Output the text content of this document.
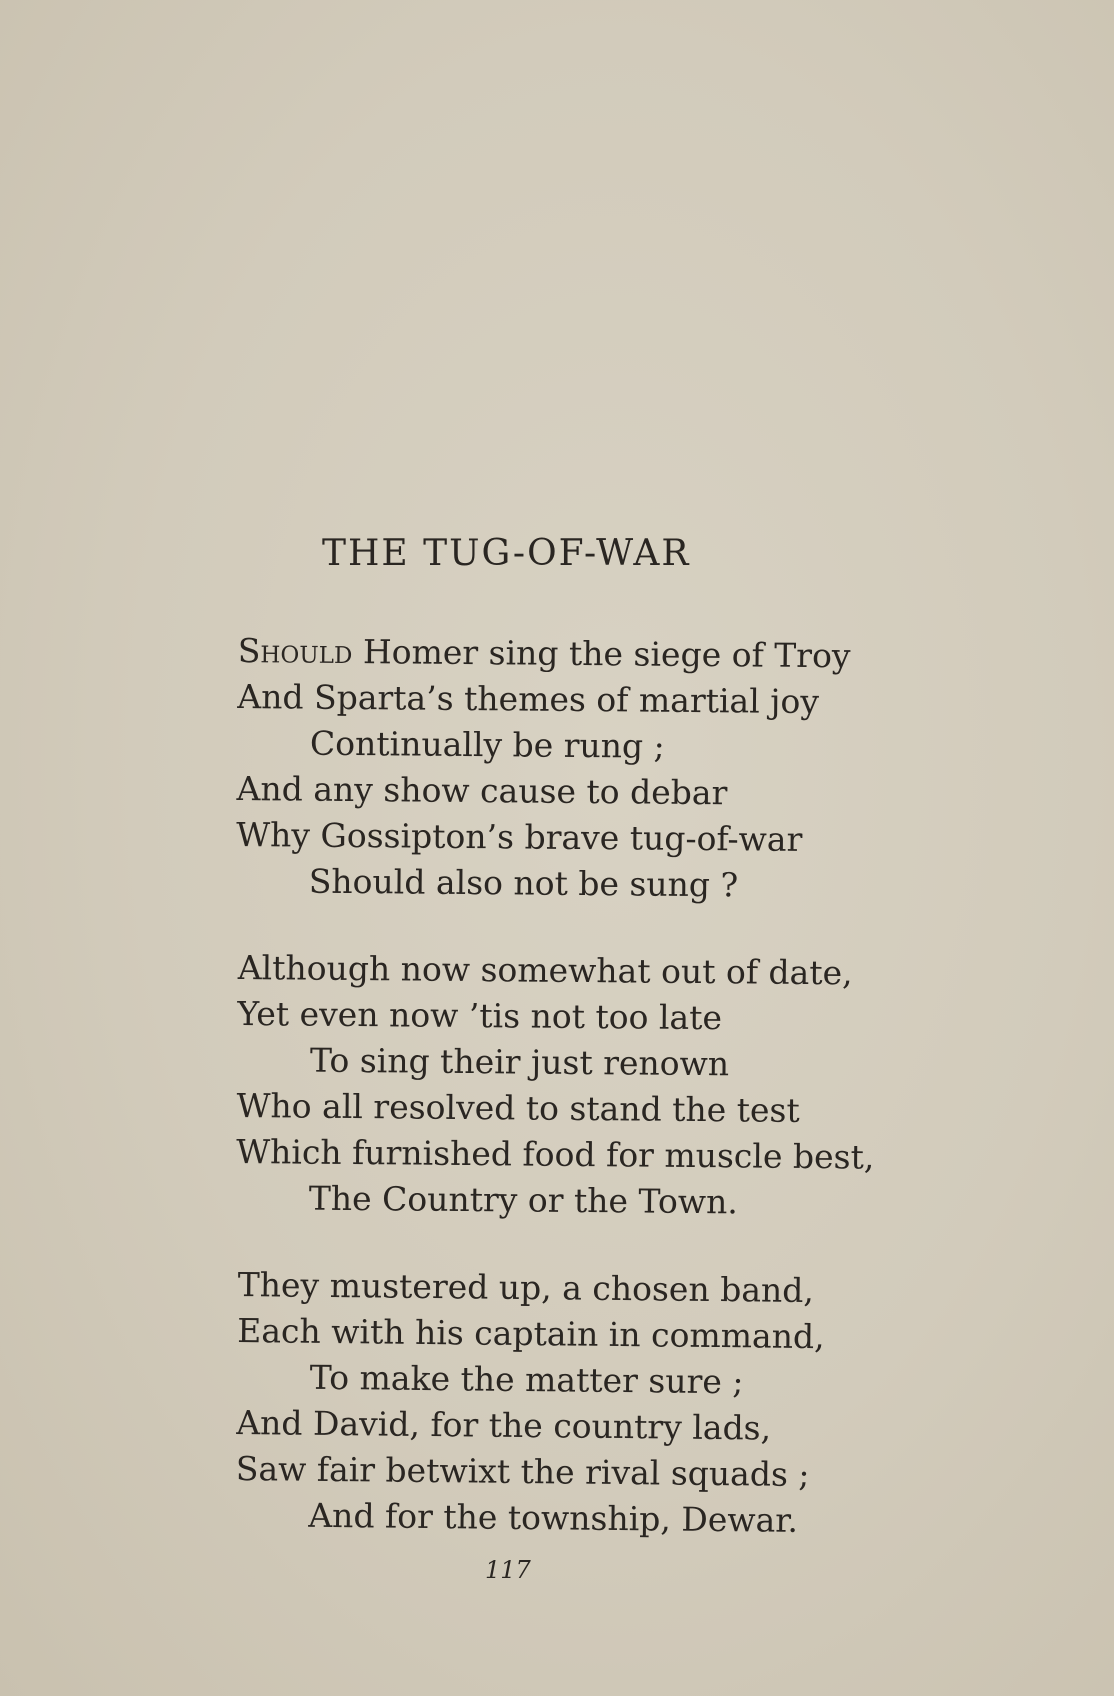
THE TUG-OF-WAR
Should Homer sing the siege of Troy
And Sparta’s themes of martial joy
Continually be rung ;
And any show cause to debar
Why Gossipton’s brave tug-of-war
Should also not be sung ?
Although now somewhat out of date,
Yet even now ’tis not too late
To sing their just renown
Who all resolved to stand the test
Which furnished food for muscle best,
The Country or the Town.
They mustered up, a chosen band,
Each with his captain in command,
To make the matter sure ;
And David, for the country lads,
Saw fair betwixt the rival squads ;
And for the township, Dewar.

117
